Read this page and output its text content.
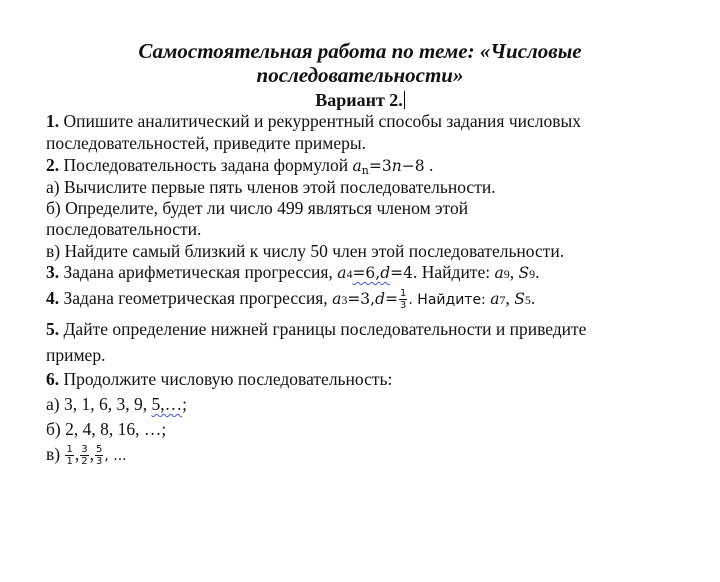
Самостоятельная работа по теме: «Числовые
последовательности»
Вариант 2.
1. Опишите аналитический и рекуррентный способы задания числовых
последовательностей, приведите примеры.
2. Последовательность задана формулой $a_n=3n-8$ .
а) Вычислите первые пять членов этой последовательности.
б) Определите, будет ли число 499 являться членом этой
последовательности.
в) Найдите самый близкий к числу 50 член этой последовательности.
3. Задана арифметическая прогрессия, a4=6,d=4. Найдите: a9, S9.
4. Задана геометрическая прогрессия, $a3=3,d= \frac{1}{3}$ . Найдите: a7, S5.
5. Дайте определение нижней границы последовательности и приведите
пример.
6. Продолжите числовую последовательность:
а) 3, 1, 6, 3, 9, 5,…;
б) 2, 4, 8, 16, …;
$в) \frac{1}{1}$ , $\frac{3}{2}$ , $\frac{5}{3}$ , ...
